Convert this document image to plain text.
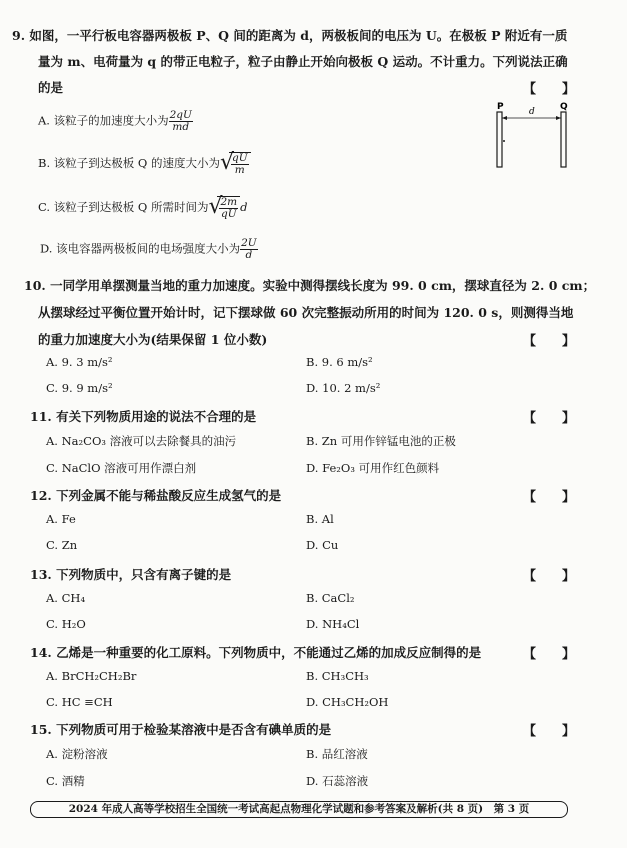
9. 如图，一平行板电容器两极板 P、Q 间的距离为 d，两极板间的电压为 U。在极板 P 附近有一质
量为 m、电荷量为 q 的带正电粒子，粒子由静止开始向极板 Q 运动。不计重力。下列说法正确
的是	【　　】
A. 该粒子的加速度大小为 $\frac{2qU}{md}$
B. 该粒子到达极板 Q 的速度大小为 √
$\frac{qU}{m}$
C. 该粒子到达极板 Q 所需时间为 √
$\frac{2m}{qU}$ d
D. 该电容器两极板间的电场强度大小为 $\frac{2U}{d}$
P	Q
d
10. 一同学用单摆测量当地的重力加速度。实验中测得摆线长度为 99. 0 cm，摆球直径为 2. 0 cm；
从摆球经过平衡位置开始计时，记下摆球做 60 次完整振动所用的时间为 120. 0 s，则测得当地
的重力加速度大小为(结果保留 1 位小数)	【　　】
A. 9. 3 m/s²	B. 9. 6 m/s²
C. 9. 9 m/s²	D. 10. 2 m/s²
11. 有关下列物质用途的说法不合理的是	【　　】
A. Na₂CO₃ 溶液可以去除餐具的油污	B. Zn 可用作锌锰电池的正极
C. NaClO 溶液可用作漂白剂	D. Fe₂O₃ 可用作红色颜料
12. 下列金属不能与稀盐酸反应生成氢气的是	【　　】
A. Fe	B. Al
C. Zn	D. Cu
13. 下列物质中，只含有离子键的是	【　　】
A. CH₄	B. CaCl₂
C. H₂O	D. NH₄Cl
14. 乙烯是一种重要的化工原料。下列物质中，不能通过乙烯的加成反应制得的是	【　　】
A. BrCH₂CH₂Br	B. CH₃CH₃
C. HC ≡CH	D. CH₃CH₂OH
15. 下列物质可用于检验某溶液中是否含有碘单质的是	【　　】
A. 淀粉溶液	B. 品红溶液
C. 酒精	D. 石蕊溶液
2024 年成人高等学校招生全国统一考试高起点物理化学试题和参考答案及解析(共 8 页)　第 3 页
